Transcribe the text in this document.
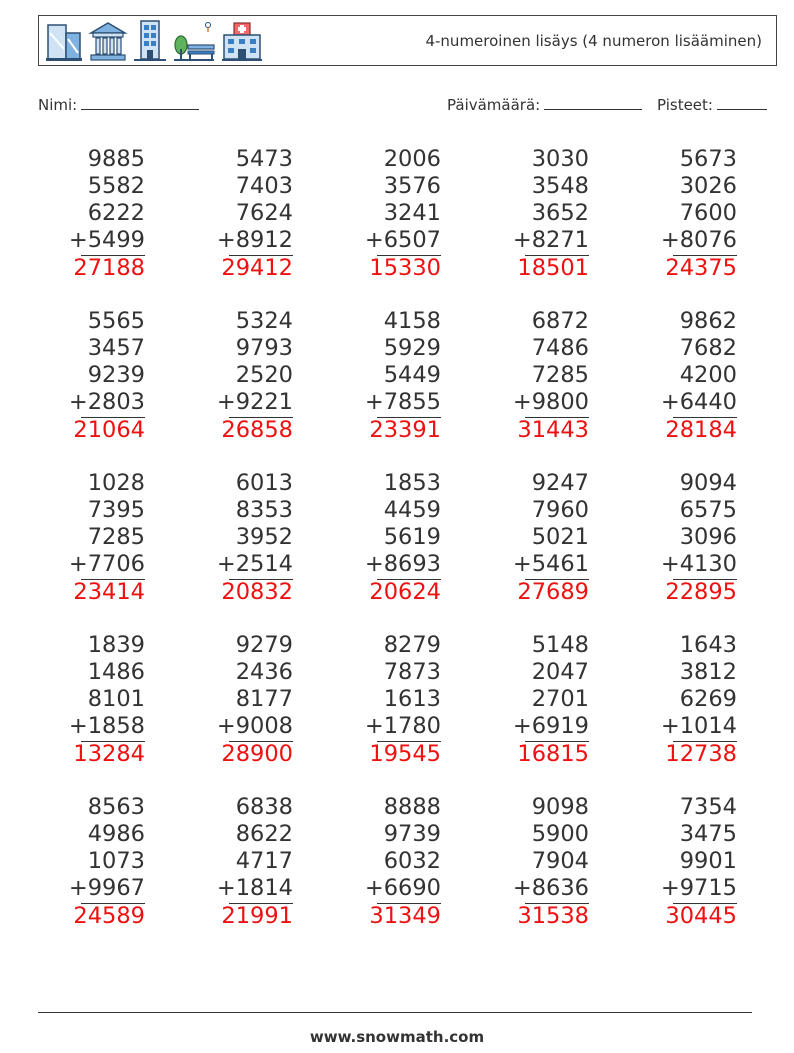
4-numeroinen lisäys (4 numeron lisääminen)
Nimi:	Päivämäärä:	Pisteet:
9885
5582
6222
+5499
27188
5473
7403
7624
+8912
29412
2006
3576
3241
+6507
15330
3030
3548
3652
+8271
18501
5673
3026
7600
+8076
24375
5565
3457
9239
+2803
21064
5324
9793
2520
+9221
26858
4158
5929
5449
+7855
23391
6872
7486
7285
+9800
31443
9862
7682
4200
+6440
28184
1028
7395
7285
+7706
23414
6013
8353
3952
+2514
20832
1853
4459
5619
+8693
20624
9247
7960
5021
+5461
27689
9094
6575
3096
+4130
22895
1839
1486
8101
+1858
13284
9279
2436
8177
+9008
28900
8279
7873
1613
+1780
19545
5148
2047
2701
+6919
16815
1643
3812
6269
+1014
12738
8563
4986
1073
+9967
24589
6838
8622
4717
+1814
21991
8888
9739
6032
+6690
31349
9098
5900
7904
+8636
31538
7354
3475
9901
+9715
30445
www.snowmath.com
